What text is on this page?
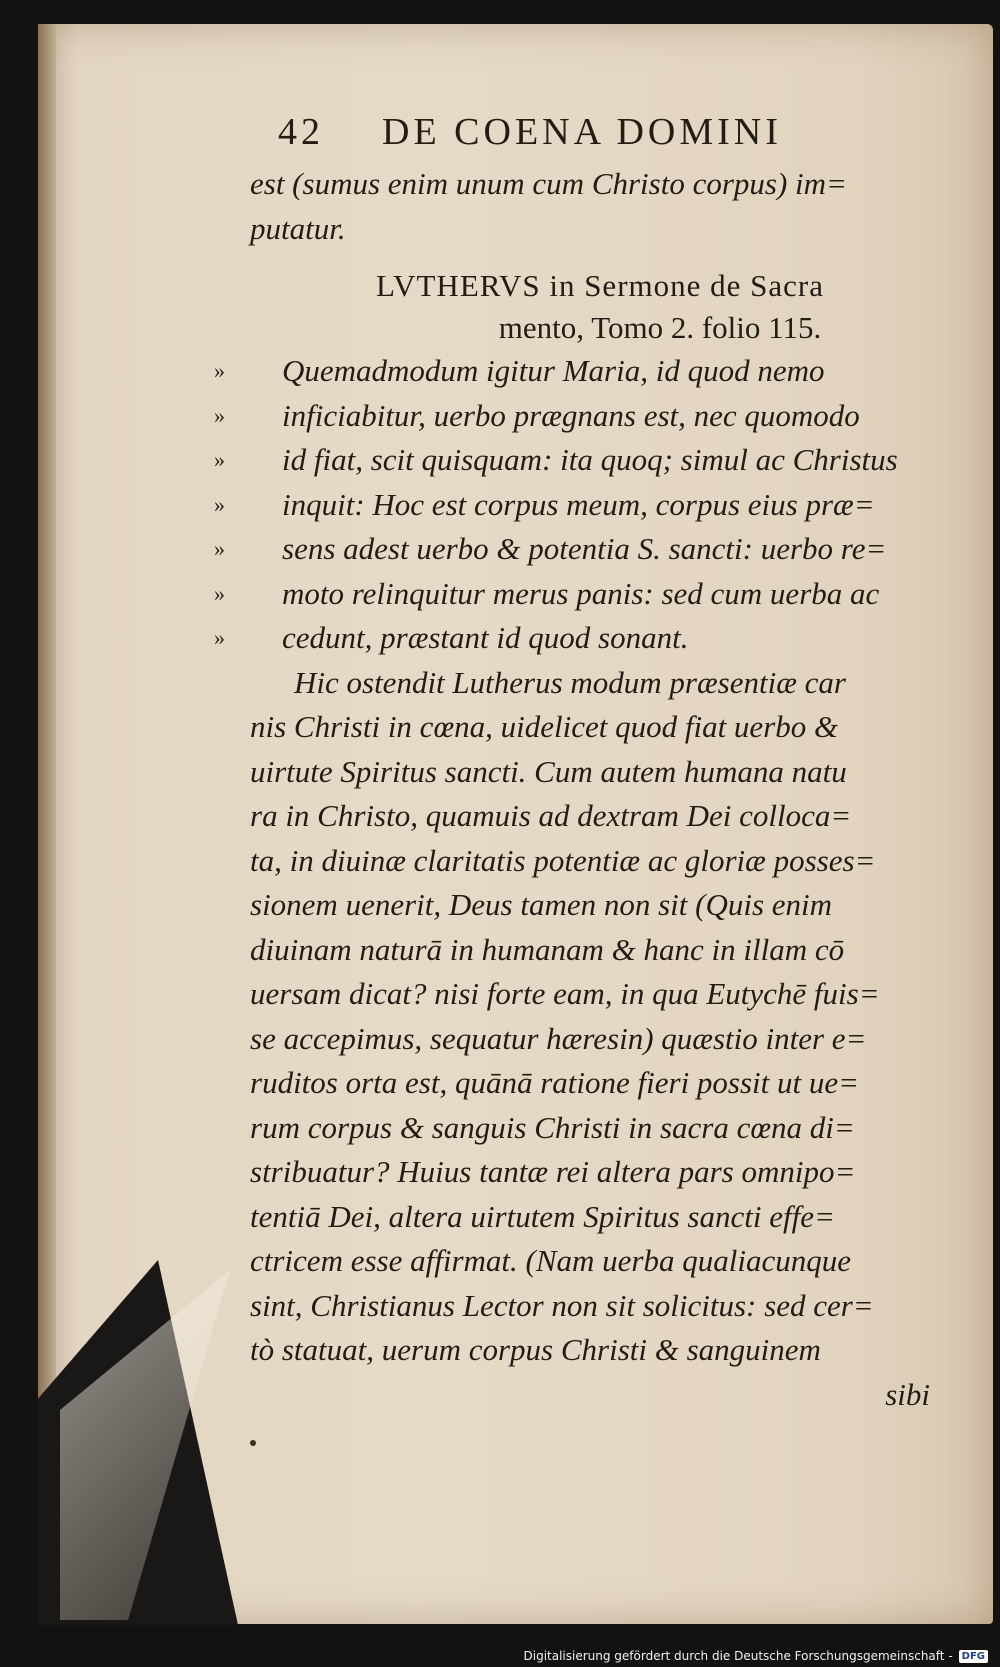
42 DE COENA DOMINI
est (sumus enim unum cum Christo corpus) im=
putatur.
LVTHERVS in Sermone de Sacra
mento, Tomo 2. folio 115.
» Quemadmodum igitur Maria, id quod nemo
» inficiabitur, uerbo prægnans est, nec quomodo
» id fiat, scit quisquam: ita quoq; simul ac Christus
» inquit: Hoc est corpus meum, corpus eius præ=
» sens adest uerbo & potentia S. sancti: uerbo re=
» moto relinquitur merus panis: sed cum uerba ac
» cedunt, præstant id quod sonant.
Hic ostendit Lutherus modum præsentiæ car
nis Christi in cœna, uidelicet quod fiat uerbo &
uirtute Spiritus sancti. Cum autem humana natu
ra in Christo, quamuis ad dextram Dei colloca=
ta, in diuinæ claritatis potentiæ ac gloriæ posses=
sionem uenerit, Deus tamen non sit (Quis enim
diuinam naturā in humanam & hanc in illam cō
uersam dicat? nisi forte eam, in qua Eutychē fuis=
se accepimus, sequatur hæresin) quæstio inter e=
ruditos orta est, quānā ratione fieri possit ut ue=
rum corpus & sanguis Christi in sacra cœna di=
stribuatur? Huius tantæ rei altera pars omnipo=
tentiā Dei, altera uirtutem Spiritus sancti effe=
ctricem esse affirmat. (Nam uerba qualiacunque
sint, Christianus Lector non sit solicitus: sed cer=
tò statuat, uerum corpus Christi & sanguinem
sibi
Digitalisierung gefördert durch die Deutsche Forschungsgemeinschaft - DFG
